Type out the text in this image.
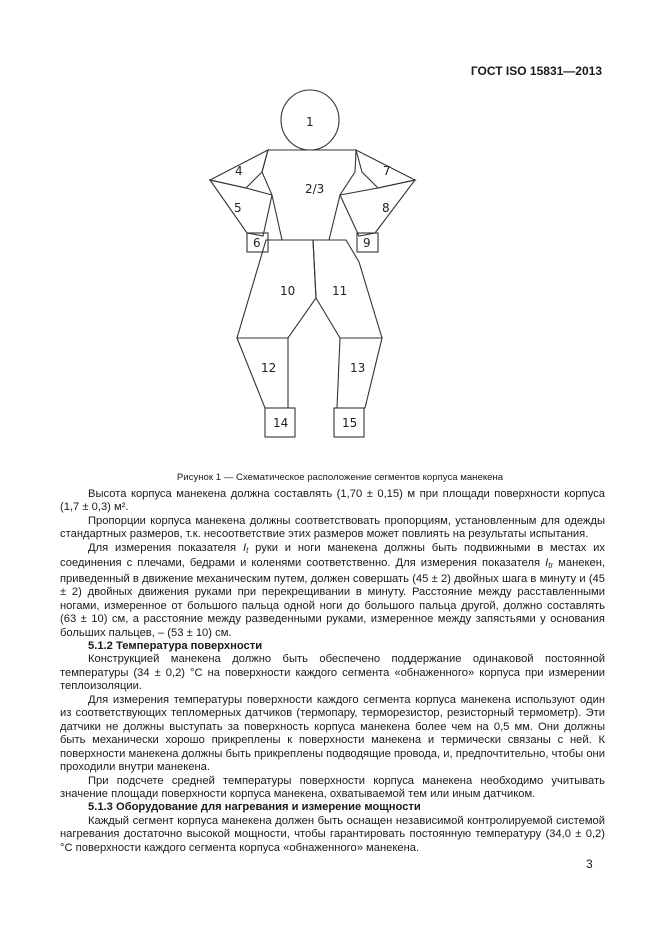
ГОСТ ISO 15831—2013
1
2/3
4
5
6
7
8
9
10	11
12	13
14	15
Рисунок 1 — Схематическое расположение сегментов корпуса манекена

Высота корпуса манекена должна составлять (1,70 ± 0,15) м при площади поверхности корпуса (1,7 ± 0,3) м².

Пропорции корпуса манекена должны соответствовать пропорциям, установленным для одежды стандартных размеров, т.к. несоответствие этих размеров может повлиять на результаты испытания.

Для измерения показателя It руки и ноги манекена должны быть подвижными в местах их соединения с плечами, бедрами и коленями соответственно. Для измерения показателя Itr манекен, приведенный в движение механическим путем, должен совершать (45 ± 2) двойных шага в минуту и (45 ± 2) двойных движения руками при перекрещивании в минуту. Расстояние между расставленными ногами, измеренное от большого пальца одной ноги до большого пальца другой, должно составлять (63 ± 10) см, а расстояние между разведенными руками, измеренное между запястьями у основания больших пальцев, – (53 ± 10) см.

5.1.2 Температура поверхности

Конструкцией манекена должно быть обеспечено поддержание одинаковой постоянной температуры (34 ± 0,2) °С на поверхности каждого сегмента «обнаженного» корпуса при измерении теплоизоляции.

Для измерения температуры поверхности каждого сегмента корпуса манекена используют один из соответствующих тепломерных датчиков (термопару, терморезистор, резисторный термометр). Эти датчики не должны выступать за поверхность корпуса манекена более чем на 0,5 мм. Они должны быть механически хорошо прикреплены к поверхности манекена и термически связаны с ней. К поверхности манекена должны быть прикреплены подводящие провода, и, предпочтительно, чтобы они проходили внутри манекена.

При подсчете средней температуры поверхности корпуса манекена необходимо учитывать значение площади поверхности корпуса манекена, охватываемой тем или иным датчиком.

5.1.3 Оборудование для нагревания и измерение мощности

Каждый сегмент корпуса манекена должен быть оснащен независимой контролируемой системой нагревания достаточно высокой мощности, чтобы гарантировать постоянную температуру (34,0 ± 0,2) °С поверхности каждого сегмента корпуса «обнаженного» манекена.

3
